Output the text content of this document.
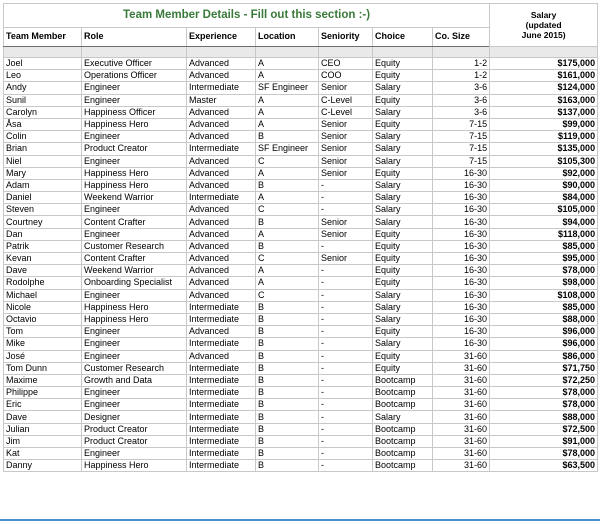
Team Member Details - Fill out this section :-)							Salary
(updated
June 2015)

Team Member	Role	Experience	Location	Seniority	Choice	Co. Size	

Joel	Executive Officer	Advanced	A	CEO	Equity	1-2	$175,000
Leo	Operations Officer	Advanced	A	COO	Equity	1-2	$161,000
Andy	Engineer	Intermediate	SF Engineer	Senior	Salary	3-6	$124,000
Sunil	Engineer	Master	A	C-Level	Equity	3-6	$163,000
Carolyn	Happiness Officer	Advanced	A	C-Level	Salary	3-6	$137,000
Åsa	Happiness Hero	Advanced	A	Senior	Equity	7-15	$99,000
Colin	Engineer	Advanced	B	Senior	Salary	7-15	$119,000
Brian	Product Creator	Intermediate	SF Engineer	Senior	Salary	7-15	$135,000
Niel	Engineer	Advanced	C	Senior	Salary	7-15	$105,300
Mary	Happiness Hero	Advanced	A	Senior	Equity	16-30	$92,000
Adam	Happiness Hero	Advanced	B	-	Salary	16-30	$90,000
Daniel	Weekend Warrior	Intermediate	A	-	Salary	16-30	$84,000
Steven	Engineer	Advanced	C	-	Salary	16-30	$105,000
Courtney	Content Crafter	Advanced	B	Senior	Salary	16-30	$94,000
Dan	Engineer	Advanced	A	Senior	Equity	16-30	$118,000
Patrik	Customer Research	Advanced	B	-	Equity	16-30	$85,000
Kevan	Content Crafter	Advanced	C	Senior	Equity	16-30	$95,000
Dave	Weekend Warrior	Advanced	A	-	Equity	16-30	$78,000
Rodolphe	Onboarding Specialist	Advanced	A	-	Equity	16-30	$98,000
Michael	Engineer	Advanced	C	-	Salary	16-30	$108,000
Nicole	Happiness Hero	Intermediate	B	-	Salary	16-30	$85,000
Octavio	Happiness Hero	Intermediate	B	-	Salary	16-30	$88,000
Tom	Engineer	Advanced	B	-	Equity	16-30	$96,000
Mike	Engineer	Intermediate	B	-	Salary	16-30	$96,000
José	Engineer	Advanced	B	-	Equity	31-60	$86,000
Tom Dunn	Customer Research	Intermediate	B	-	Equity	31-60	$71,750
Maxime	Growth and Data	Intermediate	B	-	Bootcamp	31-60	$72,250
Philippe	Engineer	Intermediate	B	-	Bootcamp	31-60	$78,000
Eric	Engineer	Intermediate	B	-	Bootcamp	31-60	$78,000
Dave	Designer	Intermediate	B	-	Salary	31-60	$88,000
Julian	Product Creator	Intermediate	B	-	Bootcamp	31-60	$72,500
Jim	Product Creator	Intermediate	B	-	Bootcamp	31-60	$91,000
Kat	Engineer	Intermediate	B	-	Bootcamp	31-60	$78,000
Danny	Happiness Hero	Intermediate	B	-	Bootcamp	31-60	$63,500
